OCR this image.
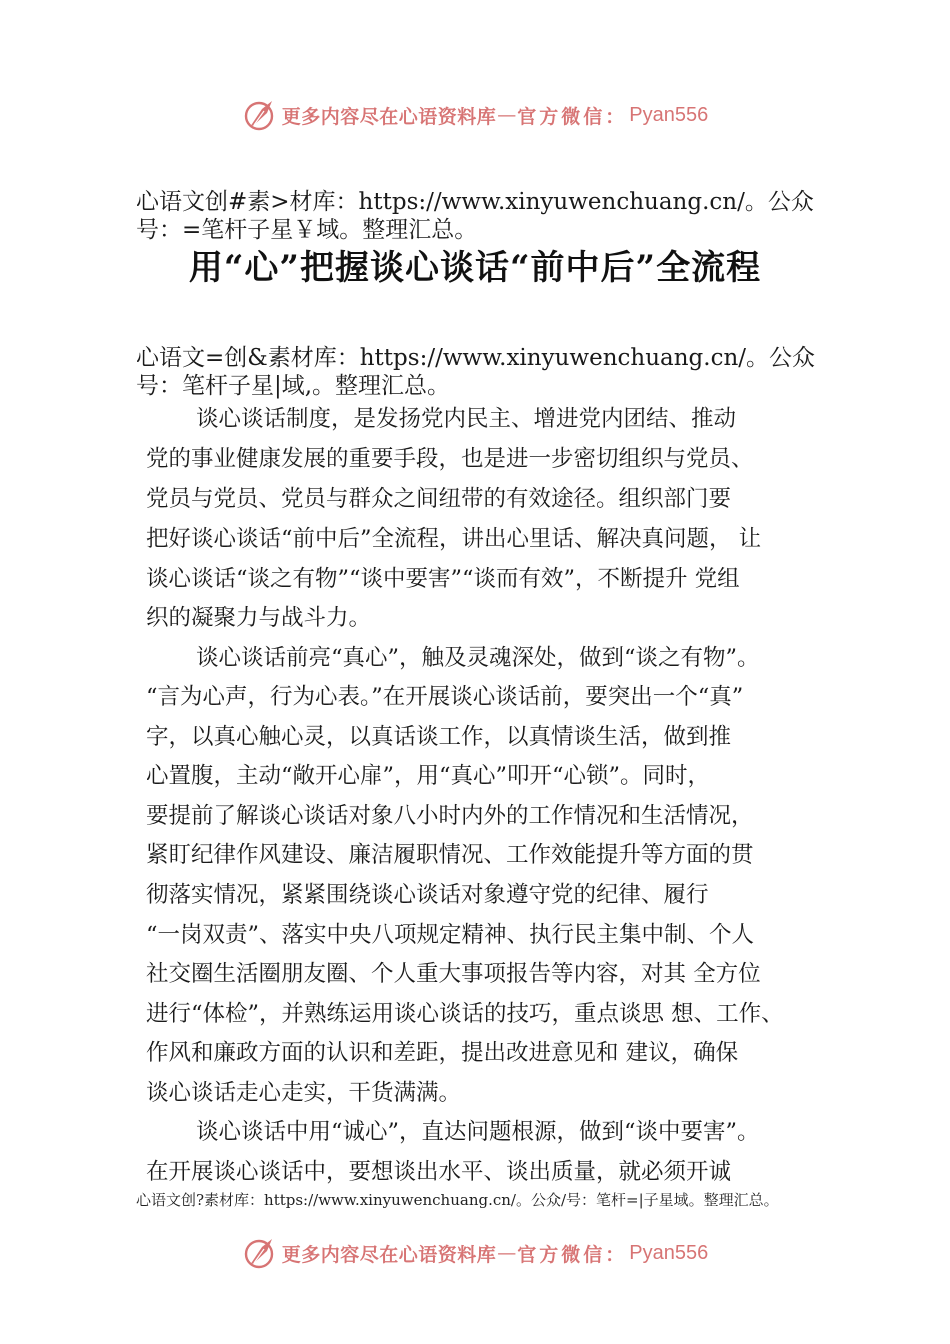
更多内容尽在心语资料库 — 官方微信： Pyan556
心语文创#素>材库：https://www.xinyuwenchuang.cn/。公众
号：=笔杆子星￥域。整理汇总。
用“心”把握谈心谈话“前中后”全流程
心语文=创&素材库：https://www.xinyuwenchuang.cn/。公众
号：笔杆子星|域,。整理汇总。
谈心谈话制度，是发扬党内民主、增进党内团结、推动
党的事业健康发展的重要手段，也是进一步密切组织与党员、
党员与党员、党员与群众之间纽带的有效途径。组织部门要
把好谈心谈话“前中后”全流程，讲出心里话、解决真问题， 让
谈心谈话“谈之有物”“谈中要害”“谈而有效”，不断提升 党组
织的凝聚力与战斗力。
谈心谈话前亮“真心”，触及灵魂深处，做到“谈之有物”。
“言为心声，行为心表。”在开展谈心谈话前，要突出一个“真”
字，以真心触心灵，以真话谈工作，以真情谈生活，做到推
心置腹，主动“敞开心扉”，用“真心”叩开“心锁”。同时，
要提前了解谈心谈话对象八小时内外的工作情况和生活情况，
紧盯纪律作风建设、廉洁履职情况、工作效能提升等方面的贯
彻落实情况，紧紧围绕谈心谈话对象遵守党的纪律、履行
“一岗双责”、落实中央八项规定精神、执行民主集中制、个人
社交圈生活圈朋友圈、个人重大事项报告等内容，对其 全方位
进行“体检”，并熟练运用谈心谈话的技巧，重点谈思 想、工作、
作风和廉政方面的认识和差距，提出改进意见和 建议，确保
谈心谈话走心走实，干货满满。
谈心谈话中用“诚心”，直达问题根源，做到“谈中要害”。
在开展谈心谈话中，要想谈出水平、谈出质量，就必须开诚
心语文创?素材库：https://www.xinyuwenchuang.cn/。公众/号：笔杆=|子星域。整理汇总。
更多内容尽在心语资料库 — 官方微信： Pyan556
